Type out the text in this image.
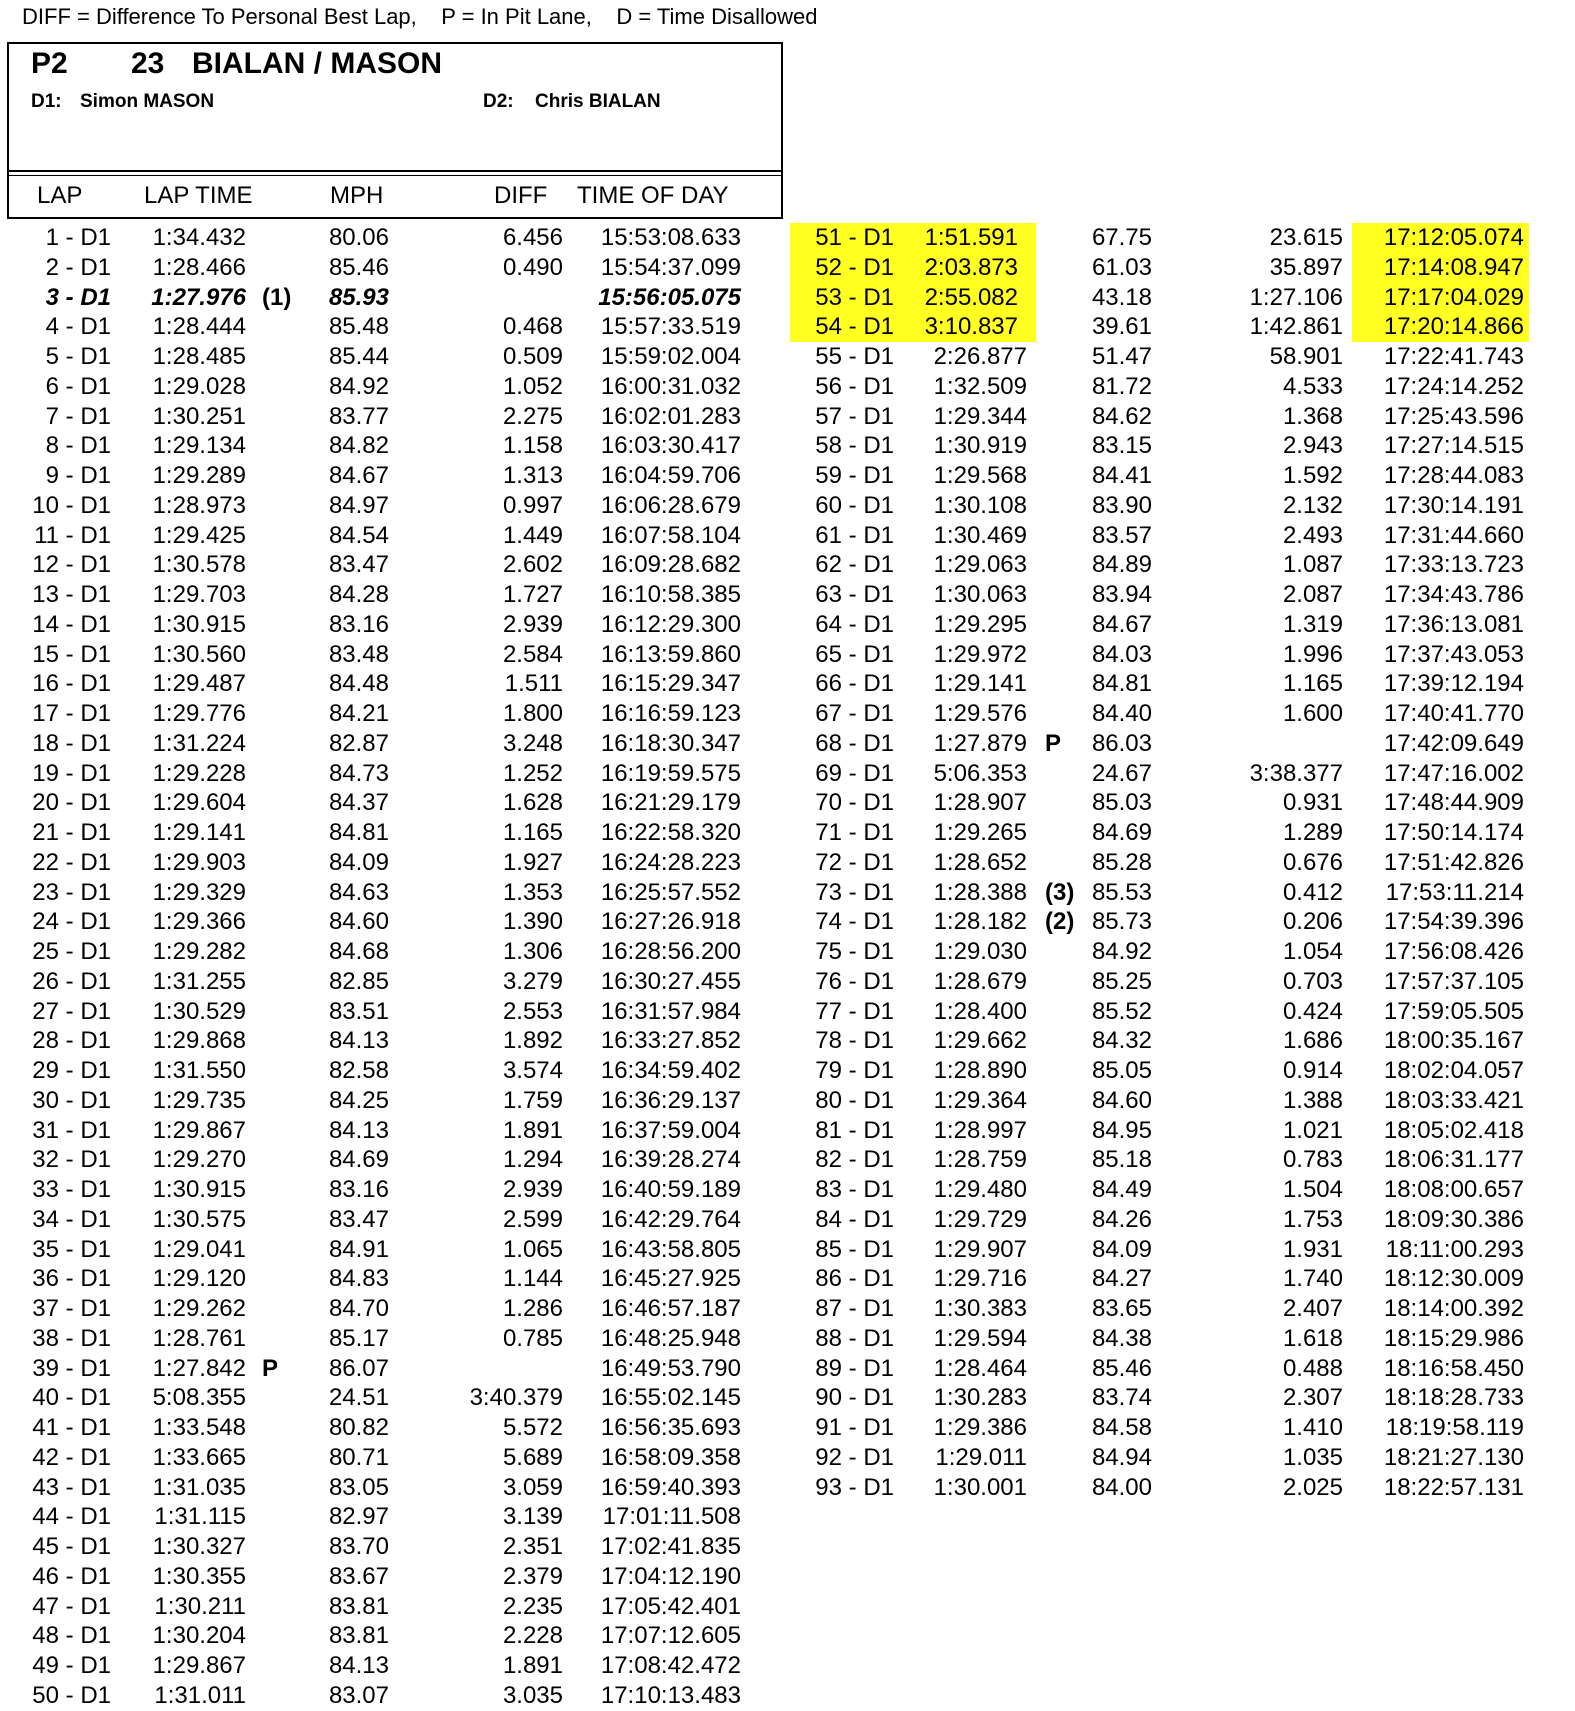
DIFF = Difference To Personal Best Lap,    P = In Pit Lane,    D = Time Disallowed
P2 23 BIALAN / MASON
D1: Simon MASON	D2: Chris BIALAN
LAP	LAP TIME	MPH	DIFF TIME OF DAY
1 - D1 1:34.432	80.06	6.456 15:53:08.633
2 - D1 1:28.466	85.46	0.490 15:54:37.099
3 - D1 1:27.976 (1) 85.93	15:56:05.075
4 - D1 1:28.444	85.48	0.468 15:57:33.519
5 - D1 1:28.485	85.44	0.509 15:59:02.004
6 - D1 1:29.028	84.92	1.052 16:00:31.032
7 - D1 1:30.251	83.77	2.275 16:02:01.283
8 - D1 1:29.134	84.82	1.158 16:03:30.417
9 - D1 1:29.289	84.67	1.313 16:04:59.706
10 - D1 1:28.973	84.97	0.997 16:06:28.679
11 - D1 1:29.425	84.54	1.449 16:07:58.104
12 - D1 1:30.578	83.47	2.602 16:09:28.682
13 - D1 1:29.703	84.28	1.727 16:10:58.385
14 - D1 1:30.915	83.16	2.939 16:12:29.300
15 - D1 1:30.560	83.48	2.584 16:13:59.860
16 - D1 1:29.487	84.48	1.511 16:15:29.347
17 - D1 1:29.776	84.21	1.800 16:16:59.123
18 - D1 1:31.224	82.87	3.248 16:18:30.347
19 - D1 1:29.228	84.73	1.252 16:19:59.575
20 - D1 1:29.604	84.37	1.628 16:21:29.179
21 - D1 1:29.141	84.81	1.165 16:22:58.320
22 - D1 1:29.903	84.09	1.927 16:24:28.223
23 - D1 1:29.329	84.63	1.353 16:25:57.552
24 - D1 1:29.366	84.60	1.390 16:27:26.918
25 - D1 1:29.282	84.68	1.306 16:28:56.200
26 - D1 1:31.255	82.85	3.279 16:30:27.455
27 - D1 1:30.529	83.51	2.553 16:31:57.984
28 - D1 1:29.868	84.13	1.892 16:33:27.852
29 - D1 1:31.550	82.58	3.574 16:34:59.402
30 - D1 1:29.735	84.25	1.759 16:36:29.137
31 - D1 1:29.867	84.13	1.891 16:37:59.004
32 - D1 1:29.270	84.69	1.294 16:39:28.274
33 - D1 1:30.915	83.16	2.939 16:40:59.189
34 - D1 1:30.575	83.47	2.599 16:42:29.764
35 - D1 1:29.041	84.91	1.065 16:43:58.805
36 - D1 1:29.120	84.83	1.144 16:45:27.925
37 - D1 1:29.262	84.70	1.286 16:46:57.187
38 - D1 1:28.761	85.17	0.785 16:48:25.948
39 - D1 1:27.842 P 86.07	16:49:53.790
40 - D1 5:08.355	24.51	3:40.379 16:55:02.145
41 - D1 1:33.548	80.82	5.572 16:56:35.693
42 - D1 1:33.665	80.71	5.689 16:58:09.358
43 - D1 1:31.035	83.05	3.059 16:59:40.393
44 - D1 1:31.115	82.97	3.139 17:01:11.508
45 - D1 1:30.327	83.70	2.351 17:02:41.835
46 - D1 1:30.355	83.67	2.379 17:04:12.190
47 - D1 1:30.211	83.81	2.235 17:05:42.401
48 - D1 1:30.204	83.81	2.228 17:07:12.605
49 - D1 1:29.867	84.13	1.891 17:08:42.472
50 - D1 1:31.011	83.07	3.035 17:10:13.483
51 - D1 1:51.591	67.75	23.615 17:12:05.074
52 - D1 2:03.873	61.03	35.897 17:14:08.947
53 - D1 2:55.082	43.18	1:27.106 17:17:04.029
54 - D1 3:10.837	39.61	1:42.861 17:20:14.866
55 - D1 2:26.877	51.47	58.901 17:22:41.743
56 - D1 1:32.509	81.72	4.533 17:24:14.252
57 - D1 1:29.344	84.62	1.368 17:25:43.596
58 - D1 1:30.919	83.15	2.943 17:27:14.515
59 - D1 1:29.568	84.41	1.592 17:28:44.083
60 - D1 1:30.108	83.90	2.132 17:30:14.191
61 - D1 1:30.469	83.57	2.493 17:31:44.660
62 - D1 1:29.063	84.89	1.087 17:33:13.723
63 - D1 1:30.063	83.94	2.087 17:34:43.786
64 - D1 1:29.295	84.67	1.319 17:36:13.081
65 - D1 1:29.972	84.03	1.996 17:37:43.053
66 - D1 1:29.141	84.81	1.165 17:39:12.194
67 - D1 1:29.576	84.40	1.600 17:40:41.770
68 - D1 1:27.879 P 86.03	17:42:09.649
69 - D1 5:06.353	24.67	3:38.377 17:47:16.002
70 - D1 1:28.907	85.03	0.931 17:48:44.909
71 - D1 1:29.265	84.69	1.289 17:50:14.174
72 - D1 1:28.652	85.28	0.676 17:51:42.826
73 - D1 1:28.388 (3) 85.53	0.412 17:53:11.214
74 - D1 1:28.182 (2) 85.73	0.206 17:54:39.396
75 - D1 1:29.030	84.92	1.054 17:56:08.426
76 - D1 1:28.679	85.25	0.703 17:57:37.105
77 - D1 1:28.400	85.52	0.424 17:59:05.505
78 - D1 1:29.662	84.32	1.686 18:00:35.167
79 - D1 1:28.890	85.05	0.914 18:02:04.057
80 - D1 1:29.364	84.60	1.388 18:03:33.421
81 - D1 1:28.997	84.95	1.021 18:05:02.418
82 - D1 1:28.759	85.18	0.783 18:06:31.177
83 - D1 1:29.480	84.49	1.504 18:08:00.657
84 - D1 1:29.729	84.26	1.753 18:09:30.386
85 - D1 1:29.907	84.09	1.931 18:11:00.293
86 - D1 1:29.716	84.27	1.740 18:12:30.009
87 - D1 1:30.383	83.65	2.407 18:14:00.392
88 - D1 1:29.594	84.38	1.618 18:15:29.986
89 - D1 1:28.464	85.46	0.488 18:16:58.450
90 - D1 1:30.283	83.74	2.307 18:18:28.733
91 - D1 1:29.386	84.58	1.410 18:19:58.119
92 - D1 1:29.011	84.94	1.035 18:21:27.130
93 - D1 1:30.001	84.00	2.025 18:22:57.131
